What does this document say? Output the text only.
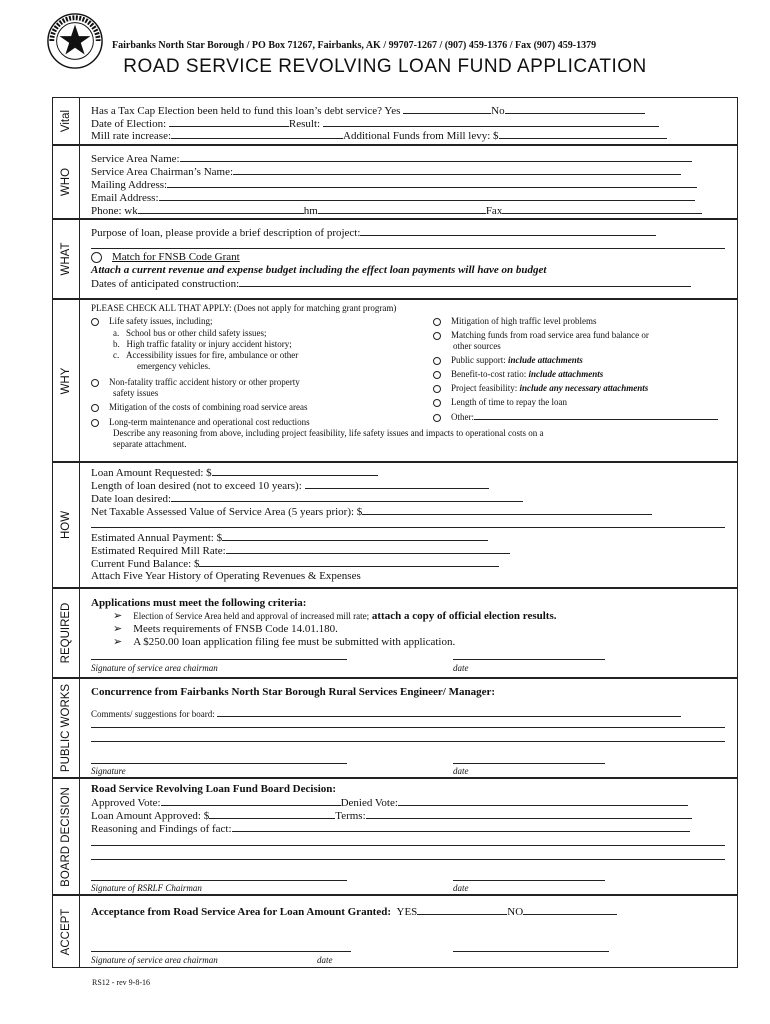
Fairbanks North Star Borough / PO Box 71267, Fairbanks, AK / 99707-1267 / (907) 459-1376 / Fax (907) 459-1379
ROAD SERVICE REVOLVING LOAN FUND APPLICATION
Vital Has a Tax Cap Election been held to fund this loan’s debt service? Yes	No
Date of Election:	Result:
Mill rate increase:	Additional Funds from Mill levy: $
WHO
Service Area Name:
Service Area Chairman’s Name:
Mailing Address:
Email Address:
Phone: wk	hm	Fax
WHAT
Purpose of loan, please provide a brief description of project:
Match for FNSB Code Grant
Attach a current revenue and expense budget including the effect loan payments will have on budget
Dates of anticipated construction:
WHY
PLEASE CHECK ALL THAT APPLY: (Does not apply for matching grant program)
Life safety issues, including;
a. School bus or other child safety issues;
b. High traffic fatality or injury accident history;
c. Accessibility issues for fire, ambulance or other
emergency vehicles.
Non-fatality traffic accident history or other property
safety issues
Mitigation of the costs of combining road service areas
Long-term maintenance and operational cost reductions
Mitigation of high traffic level problems
Matching funds from road service area fund balance or
other sources
Public support: include attachments
Benefit-to-cost ratio: include attachments
Project feasibility: include any necessary attachments
Length of time to repay the loan
Other:
Describe any reasoning from above, including project feasibility, life safety issues and impacts to operational costs on a
separate attachment.
HOW
Loan Amount Requested: $
Length of loan desired (not to exceed 10 years):
Date loan desired:
Net Taxable Assessed Value of Service Area (5 years prior): $
Estimated Annual Payment: $
Estimated Required Mill Rate:
Current Fund Balance: $
Attach Five Year History of Operating Revenues & Expenses
REQUIRED Applications must meet the following criteria:
➢    Election of Service Area held and approval of increased mill rate; attach a copy of official election results.
➢    Meets requirements of FNSB Code 14.01.180.
➢    A $250.00 loan application filing fee must be submitted with application.
Signature of service area chairman	date
PUBLIC WORKS Concurrence from Fairbanks North Star Borough Rural Services Engineer/ Manager:
Comments/ suggestions for board:
Signature	date
BOARD DECISION Road Service Revolving Loan Fund Board Decision:
Approved Vote:	Denied Vote:
Loan Amount Approved: $	Terms:
Reasoning and Findings of fact:
Signature of RSRLF Chairman	date
ACCEPT Acceptance from Road Service Area for Loan Amount Granted: YES	NO
Signature of service area chairman	date
RS12 - rev 9-8-16
